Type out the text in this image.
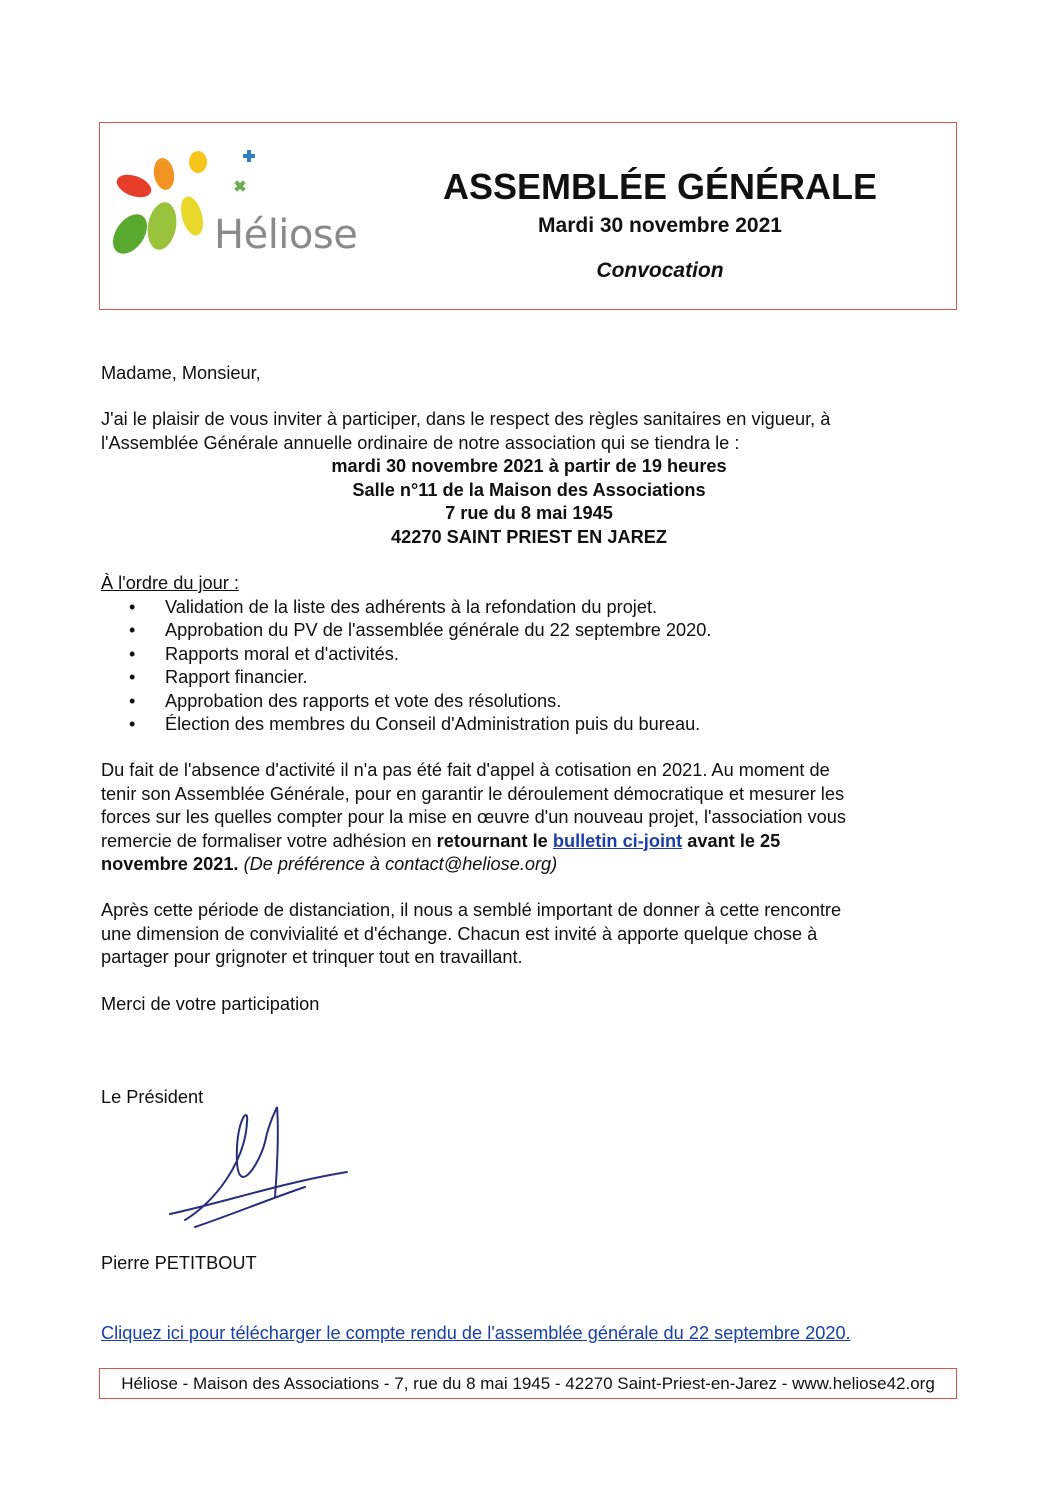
Héliose
ASSEMBLÉE GÉNÉRALE
Mardi 30 novembre 2021
Convocation
Madame, Monsieur,
J'ai le plaisir de vous inviter à participer, dans le respect des règles sanitaires en vigueur, à
l'Assemblée Générale annuelle ordinaire de notre association qui se tiendra le :
mardi 30 novembre 2021 à partir de 19 heures
Salle n°11 de la Maison des Associations
7 rue du 8 mai 1945
42270 SAINT PRIEST EN JAREZ
À l'ordre du jour :
• Validation de la liste des adhérents à la refondation du projet.
• Approbation du PV de l'assemblée générale du 22 septembre 2020.
• Rapports moral et d'activités.
• Rapport financier.
• Approbation des rapports et vote des résolutions.
• Élection des membres du Conseil d'Administration puis du bureau.
Du fait de l'absence d'activité il n'a pas été fait d'appel à cotisation en 2021. Au moment de
tenir son Assemblée Générale, pour en garantir le déroulement démocratique et mesurer les
forces sur les quelles compter pour la mise en œuvre d'un nouveau projet, l'association vous
remercie de formaliser votre adhésion en retournant le bulletin ci-joint avant le 25
novembre 2021. (De préférence à contact@heliose.org)
Après cette période de distanciation, il nous a semblé important de donner à cette rencontre
une dimension de convivialité et d'échange. Chacun est invité à apporte quelque chose à
partager pour grignoter et trinquer tout en travaillant.
Merci de votre participation
Le Président
Pierre PETITBOUT
Cliquez ici pour télécharger le compte rendu de l'assemblée générale du 22 septembre 2020.
Héliose - Maison des Associations - 7, rue du 8 mai 1945 - 42270 Saint-Priest-en-Jarez - www.heliose42.org
